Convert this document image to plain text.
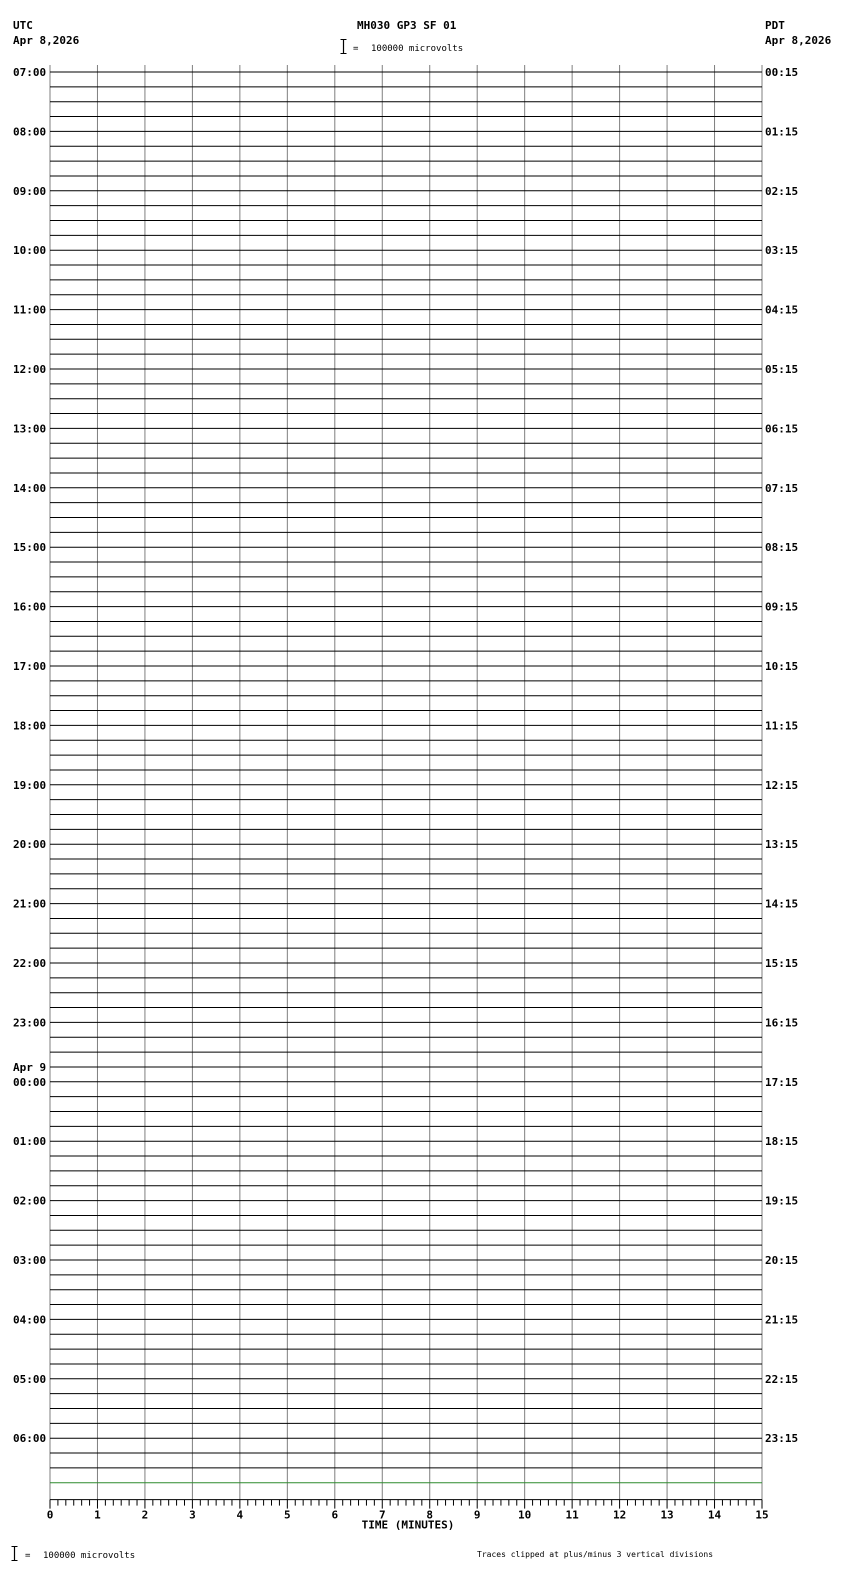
UTC
Apr 8,2026
MH030 GP3 SF 01
= 100000 microvolts
PDT
Apr 8,2026
07:00	00:15
08:00	01:15
09:00	02:15
10:00	03:15
11:00	04:15
12:00	05:15
13:00	06:15
14:00	07:15
15:00	08:15
16:00	09:15
17:00	10:15
18:00	11:15
19:00	12:15
20:00	13:15
21:00	14:15
22:00	15:15
23:00	16:15
00:00	17:15
Apr 9
01:00	18:15
02:00	19:15
03:00	20:15
04:00	21:15
05:00	22:15
06:00	23:15
0	1	2	3	4	5	6	7	8	9	10	11	12	13	14	15
TIME (MINUTES)
= 100000 microvolts	Traces clipped at plus/minus 3 vertical divisions
